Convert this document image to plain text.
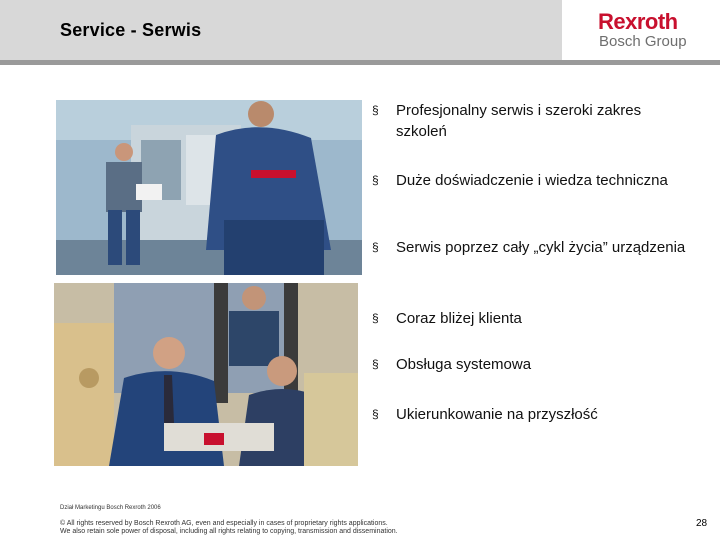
Service - Serwis	Rexroth
Bosch Group
§ Profesjonalny serwis i szeroki zakres szkoleń
§ Duże doświadczenie i wiedza techniczna
§ Serwis poprzez cały „cykl życia” urządzenia
§ Coraz bliżej klienta
§ Obsługa systemowa
§ Ukierunkowanie na przyszłość
Dział Marketingu Bosch Rexroth 2006
© All rights reserved by Bosch Rexroth AG, even and especially in cases of proprietary rights applications.
We also retain sole power of disposal, including all rights relating to copying, transmission and dissemination.
28
